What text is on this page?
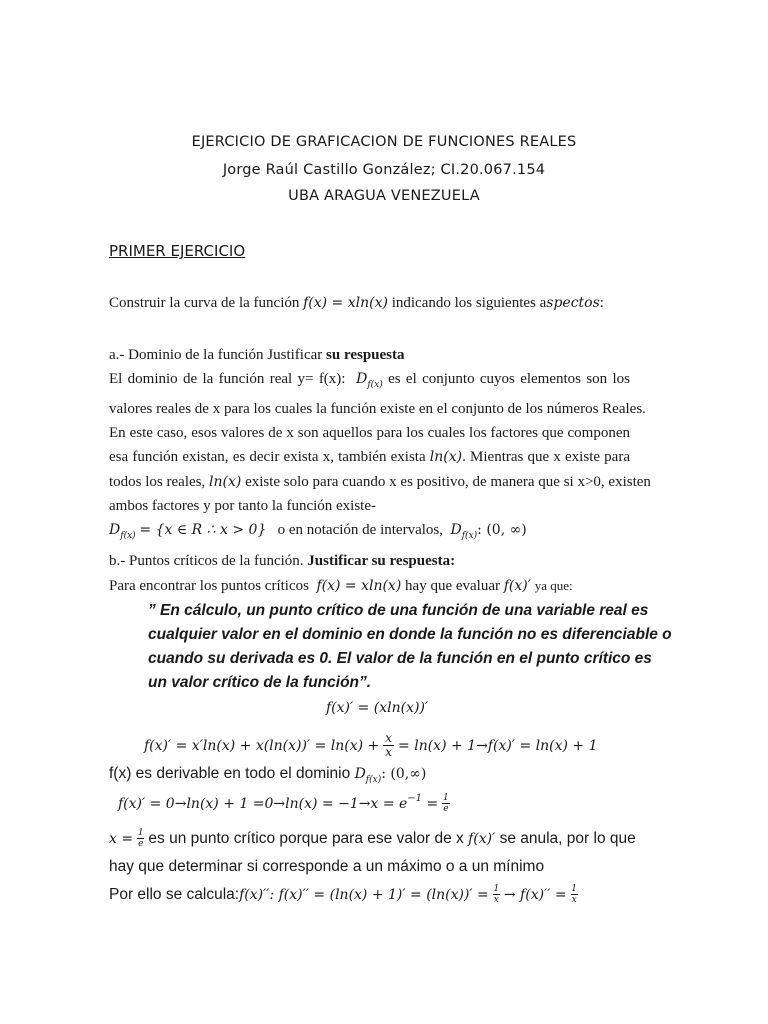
EJERCICIO DE GRAFICACION DE FUNCIONES REALES
Jorge Raúl Castillo González; CI.20.067.154
UBA ARAGUA VENEZUELA
PRIMER EJERCICIO
Construir la curva de la función f(x) = xln(x) indicando los siguientes aspectos:
a.- Dominio de la función Justificar su respuesta
El dominio de la función real y= f(x): $D_{f(x)}$ es el conjunto cuyos elementos son los
valores reales de x para los cuales la función existe en el conjunto de los números Reales.
En este caso, esos valores de x son aquellos para los cuales los factores que componen
esa función existan, es decir exista x, también exista ln(x). Mientras que x existe para
todos los reales, ln(x) existe solo para cuando x es positivo, de manera que si x>0, existen
ambos factores y por tanto la función existe-
$D_{f(x)} = \{x$ ∈ R ∴ x > 0} o en notación de intervalos, $D_{f(x)}$: (0, ∞)
b.- Puntos críticos de la función. Justificar su respuesta:
Para encontrar los puntos críticos f(x) = xln(x) hay que evaluar f(x)′ ya que:
” En cálculo, un punto crítico de una función de una variable real es
cualquier valor en el dominio en donde la función no es diferenciable o
cuando su derivada es 0. El valor de la función en el punto crítico es
un valor crítico de la función”.
f(x)′ = (xln(x))′
$f(x)' = x'\ln(x) + x(\ln(x))' = \ln(x) + \frac{x}{x} = \ln(x) + 1\to f(x)' = \ln(x) + 1$
f(x) es derivable en todo el dominio $D_{f(x)}$: (0,∞)
$f(x)' = 0\to\ln(x) + 1 =0\to\ln(x) = -1\to x = e^{-1}$
= $\frac{1}{e}$
$x = \frac{1}{e}$ es un punto crítico porque para ese valor de x
f(x)′
se anula, por lo que
hay que determinar si corresponde a un máximo o a un mínimo
Por ello se calcula: f(x)′′: $f(x)'' = (\ln(x) + 1)' = (\ln(x))' = \frac{1}{x} \to f(x)'' = \frac{1}{x}$
